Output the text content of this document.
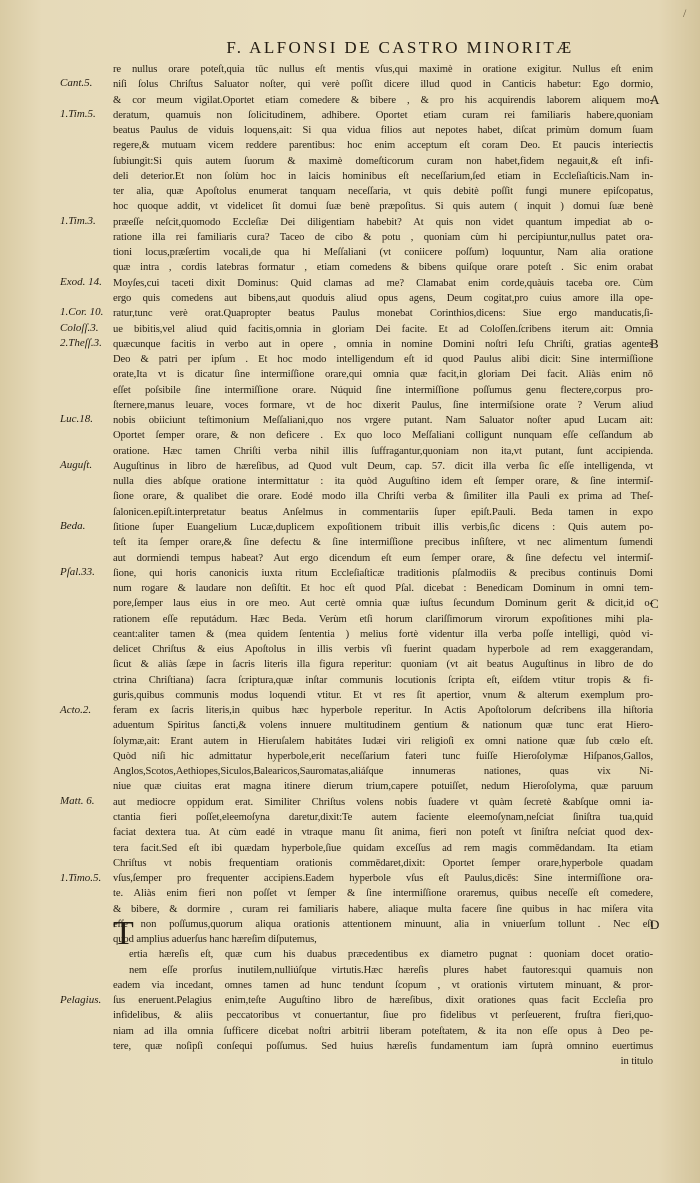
/
F. ALFONSI DE CASTRO MINORITÆ
re nullus orare poteſt,quia tūc nullus eſt mentis vſus,qui maximè in oratione exigitur. Nullus eſt enim
niſi ſolus Chriſtus Saluator noſter, qui verè poſſit dicere illud quod in Canticis habetur: Ego dormio,
& cor meum vigilat.Oportet etiam comedere & bibere , & pro his acquirendis laborem aliquem mo-
deratum, quamuis non ſolicitudinem, adhibere. Oportet etiam curam rei familiaris habere,quoniam
beatus Paulus de viduis loquens,ait: Si qua vidua filios aut nepotes habet, diſcat primùm domum ſuam
regere,& mutuam vicem reddere parentibus: hoc enim acceptum eſt coram Deo. Et paucis interiectis
ſubiungit:Si quis autem ſuorum & maximè domeſticorum curam non habet,fidem negauit,& eſt infi-
deli deterior.Et non ſolùm hoc in laicis hominibus eſt neceſſarium,ſed etiam in Eccleſiaſticis.Nam in-
ter alia, quæ Apoſtolus enumerat tanquam neceſſaria, vt quis debitè poſſit fungi munere epiſcopatus,
hoc quoque addit, vt videlicet ſit domui ſuæ benè præpoſitus. Si quis autem ( inquit ) domui ſuæ benè
præeſſe neſcit,quomodo Eccleſiæ Dei diligentiam habebit? At quis non videt quantum impediat ab o-
ratione illa rei familiaris cura? Taceo de cibo & potu , quoniam cùm hi percipiuntur,nullus patet ora-
tioni locus,præſertim vocali,de qua hi Meſſaliani (vt coniicere poſſum) loquuntur, Nam alia oratione
quæ intra , cordis latebras formatur , etiam comedens & bibens quiſque orare poteſt . Sic enim orabat
Moyſes,cui taceti dixit Dominus: Quid clamas ad me? Clamabat enim corde,quàuis taceba ore. Cùm
ergo quis comedens aut bibens,aut quoduis aliud opus agens, Deum cogitat,pro cuius amore illa ope-
ratur,tunc verè orat.Quapropter beatus Paulus monebat Corinthios,dicens: Siue ergo manducatis,ſi-
ue bibitis,vel aliud quid facitis,omnia in gloriam Dei facite. Et ad Coloſſen.ſcribens iterum ait: Omnia
quæcunque facitis in verbo aut in opere , omnia in nomine Domini noſtri Ieſu Chriſti, gratias agentes
Deo & patri per ipſum . Et hoc modo intelligendum eſt id quod Paulus alibi dicit: Sine intermiſſione
orate,Ita vt is dicatur ſine intermiſſione orare,qui omnia quæ facit,in gloriam Dei facit. Aliàs enim nō
eſſet poſsibile ſine intermiſſione orare. Núquid ſine intermiſſione poſſumus genu flectere,corpus pro-
ſternere,manus leuare, voces formare, vt de hoc dixerit Paulus, ſine intermiſsione orate ? Verum aliud
nobis obiiciunt teſtimonium Meſſaliani,quo nos vrgere putant. Nam Saluator noſter apud Lucam ait:
Oportet ſemper orare, & non deficere . Ex quo loco Meſſaliani colligunt nunquam eſſe ceſſandum ab
oratione. Hæc tamen Chriſti verba nihil illis ſuffragantur,quoniam non ita,vt putant, ſunt accipienda.
Auguſtinus in libro de hæreſibus, ad Quod vult Deum, cap. 57. dicit illa verba ſic eſſe intelligenda, vt
nulla dies abſque oratione intermittatur : ita quòd Auguſtino idem eſt ſemper orare, & ſine intermiſ-
ſione orare, & qualibet die orare. Eodé modo illa Chriſti verba & ſimiliter illa Pauli ex prima ad Theſ-
ſalonicen.epiſt.interpretatur beatus Anſelmus in commentariis ſuper epiſt.Pauli. Beda tamen in expo
ſitione ſuper Euangelium Lucæ,duplicem expoſitionem tribuit illis verbis,ſic dicens : Quis autem po-
teſt ita ſemper orare,& ſine defectu & ſine intermiſſione precibus inſiſtere, vt nec alimentum ſumendi
aut dormiendi tempus habeat? Aut ergo dicendum eſt eum ſemper orare, & ſine defectu vel intermiſ-
ſione, qui horis canonicis iuxta ritum Eccleſiaſticæ traditionis pſalmodiis & precibus continuis Domi
num rogare & laudare non deſiſtit. Et hoc eſt quod Pſal. dicebat : Benedicam Dominum in omni tem-
pore,ſemper laus eius in ore meo. Aut certè omnia quæ iuſtus ſecundum Dominum gerit & dicit,id o-
rationem eſſe reputádum. Hæc Beda. Verùm etſi horum clariſſimorum virorum expoſitiones mihi pla-
ceant:aliter tamen & (mea quidem ſententia ) melius fortè videntur illa verba poſſe intelligi, quòd vi-
delicet Chriſtus & eius Apoſtolus in illis verbis vſi fuerint quadam hyperbole ad rem exaggerandam,
ſicut & aliàs ſæpe in ſacris literis illa figura reperitur: quoniam (vt ait beatus Auguſtinus in libro de do
ctrina Chriſtiana) ſacra ſcriptura,quæ inſtar communis locutionis ſcripta eſt, eiſdem vtitur tropis & fi-
guris,quibus communis modus loquendi vtitur. Et vt res ſit apertior, vnum & alterum exemplum pro-
feram ex ſacris literis,in quibus hæc hyperbole reperitur. In Actis Apoſtolorum deſcribens illa hiſtoria
aduentum Spiritus ſancti,& volens innuere multitudinem gentium & nationum quæ tunc erat Hiero-
ſolymæ,ait: Erant autem in Hieruſalem habitátes Iudæi viri religioſi ex omni natione quæ ſub cœlo eſt.
Quòd niſi hic admittatur hyperbole,erit neceſſarium fateri tunc fuiſſe Hieroſolymæ Hiſpanos,Gallos,
Anglos,Scotos,Aethiopes,Siculos,Balearicos,Sauromatas,aliáſque innumeras nationes, quas vix Ni-
niue quæ ciuitas erat magna itinere dierum trium,capere potuiſſet, nedum Hieroſolyma, quæ paruum
aut mediocre oppidum erat. Similiter Chriſtus volens nobis ſuadere vt quàm ſecretè &abſque omni ia-
ctantia fieri poſſet,eleemoſyna daretur,dixit:Te autem faciente eleemoſynam,neſciat ſiniſtra tua,quid
faciat dextera tua. At cùm eadé in vtraque manu ſit anima, fieri non poteſt vt ſiniſtra neſciat quod dex-
tera facit.Sed eſt ibi quædam hyperbole,ſiue quidam exceſſus ad rem magis commēdandam. Ita etiam
Chriſtus vt nobis frequentiam orationis commēdaret,dixit: Oportet ſemper orare,hyperbole quadam
vſus,ſemper pro frequenter accipiens.Eadem hyperbole vſus eſt Paulus,dicēs: Sine intermiſſione ora-
te. Aliàs enim fieri non poſſet vt ſemper & ſine intermiſſione oraremus, quibus neceſſe eſt comedere,
& bibere, & dormire , curam rei familiaris habere, aliaque multa facere ſine quibus in hac miſera vita
eſſe non poſſumus,quorum aliqua orationis attentionem minuunt, alia in vniuerſum tollunt . Nec eſt
quod amplius aduerſus hanc hæreſim diſputemus,
ertia hæreſis eſt, quæ cum his duabus præcedentibus ex diametro pugnat : quoniam docet oratio-
nem eſſe prorſus inutilem,nulliúſque virtutis.Hæc hæreſis plures habet fautores:qui quamuis non
eadem via incedant, omnes tamen ad hunc tendunt ſcopum , vt orationis virtutem minuant, & pror-
ſus eneruent.Pelagius enim,teſte Auguſtino libro de hæreſibus, dixit orationes quas facit Eccleſia pro
infidelibus, & aliis peccatoribus vt conuertantur, ſiue pro fidelibus vt perſeuerent, fruſtra fieri,quo-
niam ad illa omnia ſufficere dicebat noſtri arbitrii liberam poteſtatem, & ita non eſſe opus à Deo pe-
tere, quæ noſipſi conſequi poſſumus. Sed huius hæreſis fundamentum iam ſuprà omnino euertimus
in titulo
T
Cant.5.
1.Tim.5.
1.Tim.3.
Exod. 14.
1.Cor. 10.
Coloſſ.3.
2.Theſſ.3.
Luc.18.
Auguſt.
Beda.
Pſal.33.
Acto.2.
Matt. 6.
1.Timo.5.
Pelagius.
A
B
C
D
